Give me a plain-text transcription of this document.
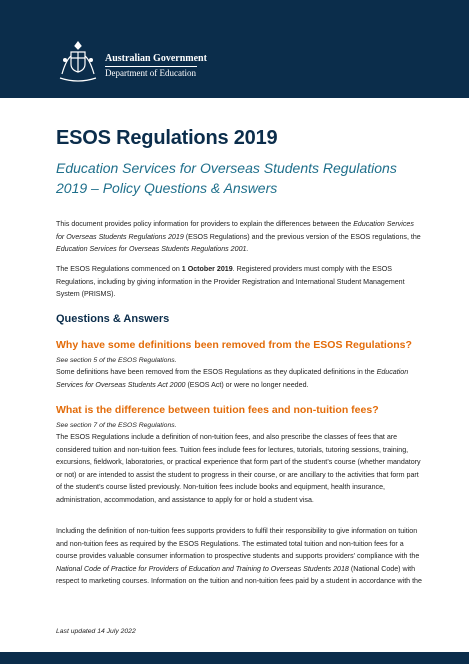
Australian Government
Department of Education
ESOS Regulations 2019

Education Services for Overseas Students Regulations 2019 – Policy Questions & Answers

This document provides policy information for providers to explain the differences between the Education Services for Overseas Students Regulations 2019 (ESOS Regulations) and the previous version of the ESOS regulations, the Education Services for Overseas Students Regulations 2001.

The ESOS Regulations commenced on 1 October 2019. Registered providers must comply with the ESOS Regulations, including by giving information in the Provider Registration and International Student Management System (PRISMS).

Questions & Answers

Why have some definitions been removed from the ESOS Regulations?

See section 5 of the ESOS Regulations.

Some definitions have been removed from the ESOS Regulations as they duplicated definitions in the Education Services for Overseas Students Act 2000 (ESOS Act) or were no longer needed.

What is the difference between tuition fees and non-tuition fees?

See section 7 of the ESOS Regulations.

The ESOS Regulations include a definition of non-tuition fees, and also prescribe the classes of fees that are considered tuition and non-tuition fees. Tuition fees include fees for lectures, tutorials, tutoring sessions, training, excursions, fieldwork, laboratories, or practical experience that form part of the student’s course (whether mandatory or not) or are intended to assist the student to progress in their course, or are ancillary to the activities that form part of the student’s course listed previously. Non-tuition fees include books and equipment, health insurance, administration, accommodation, and assistance to apply for or hold a student visa.

Including the definition of non-tuition fees supports providers to fulfil their responsibility to give information on tuition and non-tuition fees as required by the ESOS Regulations. The estimated total tuition and non-tuition fees for a course provides valuable consumer information to prospective students and supports providers’ compliance with the National Code of Practice for Providers of Education and Training to Overseas Students 2018 (National Code) with respect to marketing courses. Information on the tuition and non-tuition fees paid by a student in accordance with the

Last updated 14 July 2022
